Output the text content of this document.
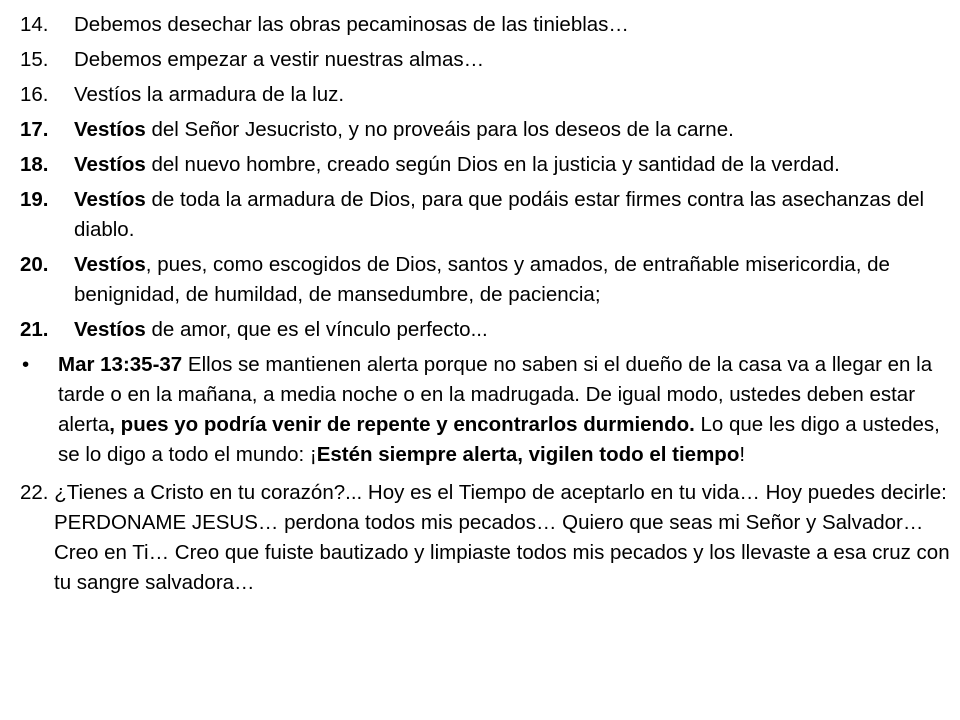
14.	Debemos desechar las obras pecaminosas de las tinieblas…
15.	Debemos empezar a vestir nuestras almas…
16.	Vestíos la armadura de la luz.
17.	Vestíos del Señor Jesucristo, y no proveáis para los deseos de la carne.
18.	Vestíos del nuevo hombre, creado según Dios en la justicia y santidad de la verdad.
19.	Vestíos de toda la armadura de Dios, para que podáis estar firmes contra las asechanzas del diablo.
20.	Vestíos, pues, como escogidos de Dios, santos y amados, de entrañable misericordia, de benignidad, de humildad, de mansedumbre, de paciencia;
21.	Vestíos de amor, que es el vínculo perfecto...
•	Mar 13:35-37 Ellos se mantienen alerta porque no saben si el dueño de la casa va a llegar en la tarde o en la mañana, a media noche o en la madrugada. De igual modo, ustedes deben estar alerta, pues yo podría venir de repente y encontrarlos durmiendo. Lo que les digo a ustedes, se lo digo a todo el mundo: ¡Estén siempre alerta, vigilen todo el tiempo!
22. ¿Tienes a Cristo en tu corazón?... Hoy es el Tiempo de aceptarlo en tu vida… Hoy puedes decirle: PERDONAME JESUS… perdona todos mis pecados… Quiero que seas mi Señor y Salvador… Creo en Ti… Creo que fuiste bautizado y limpiaste todos mis pecados y los llevaste a esa cruz con tu sangre salvadora…
